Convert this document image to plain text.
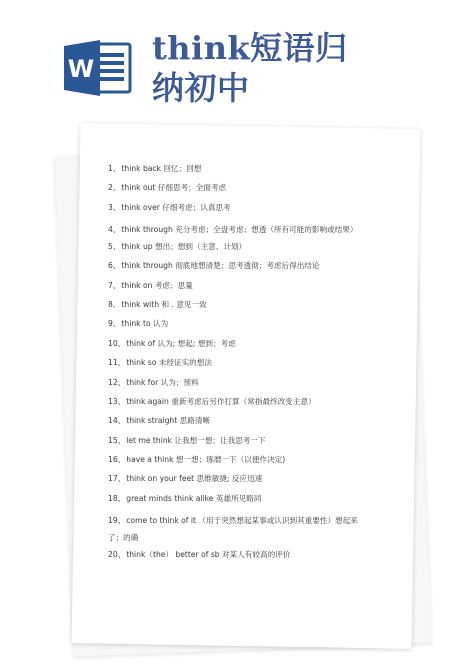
W
think短语归
纳初中
1、think back 回忆；回想
2、think out 仔细思考；全面考虑
3、think over 仔细考虑；认真思考
4、think through 充分考虑；全盘考虑；想透（所有可能的影响或结果）
5、think up 想出；想到（主意、计划）
6、think through 彻底地想清楚；思考透彻；考虑后得出结论
7、think on 考虑；思量
8、think with 和 . 意见一致
9、think to 认为
10、think of 认为; 想起; 想到；考虑
11、think so 未经证实的想法
12、think for 认为；预料
13、think again 重新考虑后另作打算（常指最终改变主意）
14、think straight 思路清晰
15、let me think 让我想一想；让我思考一下
16、have a think 想一想；琢磨一下（以便作决定)
17、think on your feet 思维敏捷; 反应迅速
18、great minds think alike 英雄所见略同
19、come to think of it （用于突然想起某事或认识到其重要性）想起来了；的确
20、think（the） better of sb 对某人有较高的评价
